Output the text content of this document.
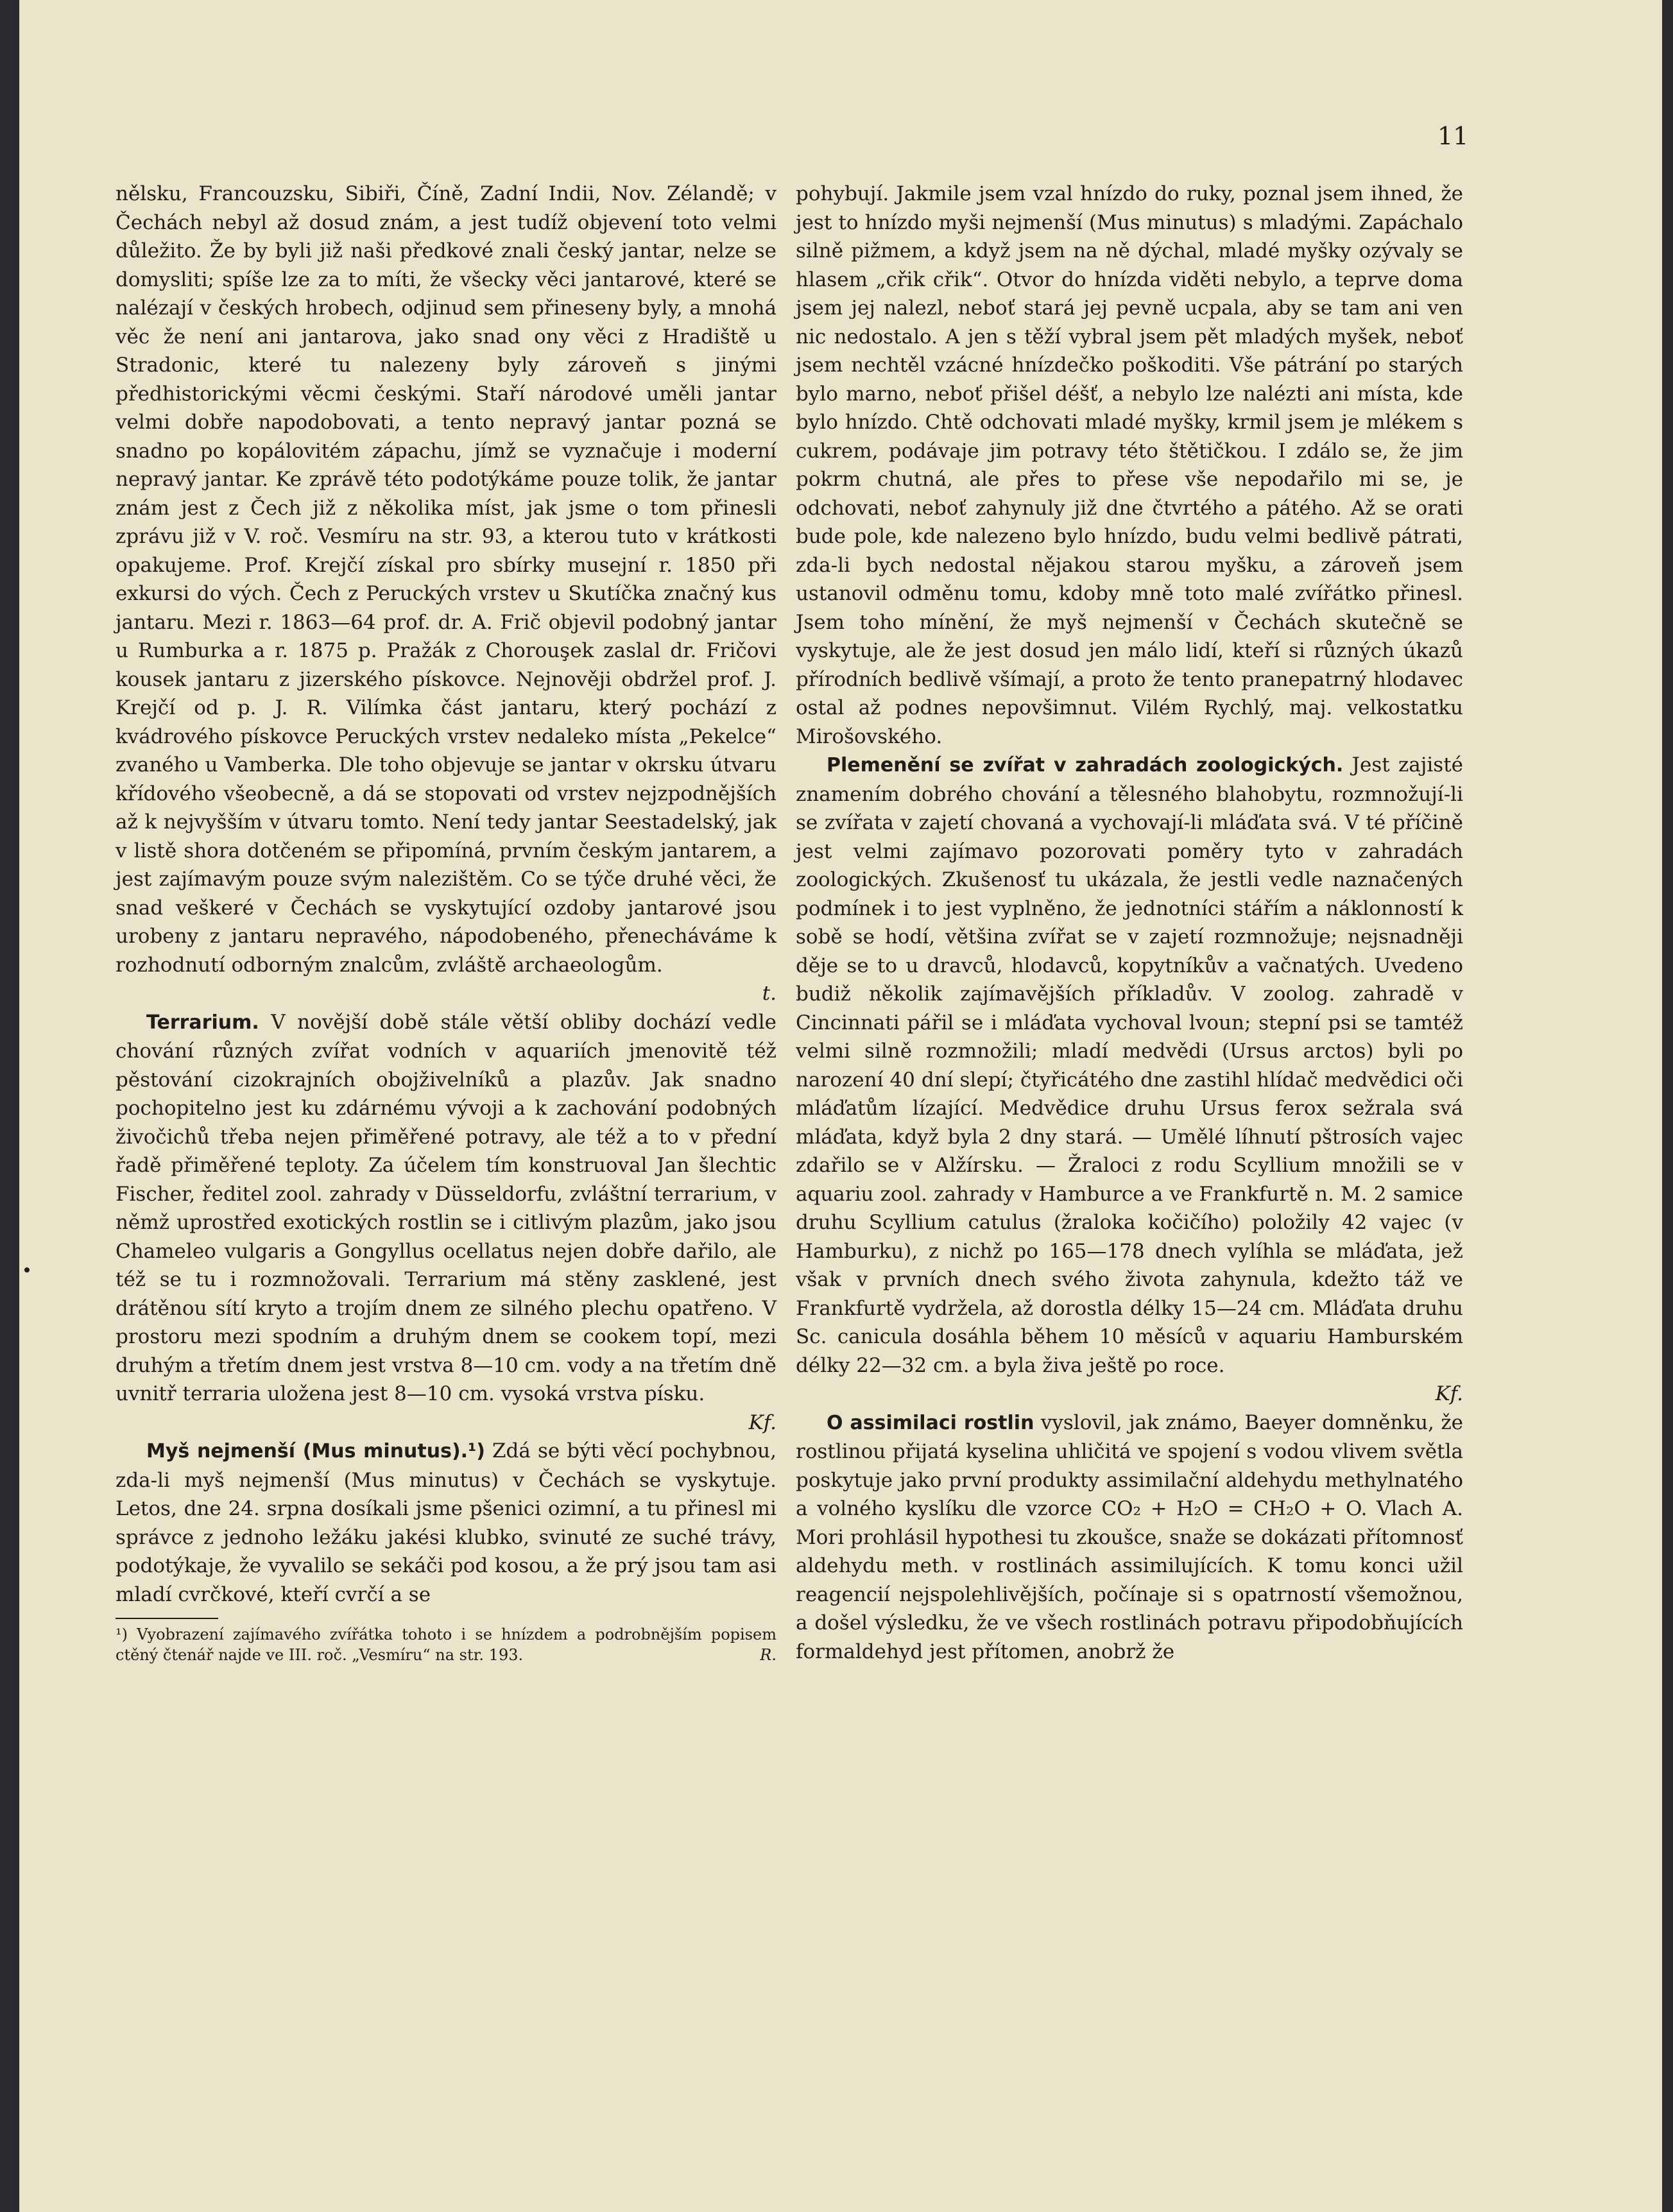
11

nělsku, Francouzsku, Sibiři, Číně, Zadní Indii, Nov. Zélandě; v Čechách nebyl až dosud znám, a jest tudíž objevení toto velmi důležito. Že by byli již naši předkové znali český jantar, nelze se domysliti; spíše lze za to míti, že všecky věci jantarové, které se nalézají v českých hrobech, odjinud sem přineseny byly, a mnohá věc že není ani jantarova, jako snad ony věci z Hradiště u Stradonic, které tu nalezeny byly zároveň s jinými předhistorickými věcmi českými. Staří národové uměli jantar velmi dobře napodobovati, a tento nepravý jantar pozná se snadno po kopálovitém zápachu, jímž se vyznačuje i moderní nepravý jantar. Ke zprávě této podotýkáme pouze tolik, že jantar znám jest z Čech již z několika míst, jak jsme o tom přinesli zprávu již v V. roč. Vesmíru na str. 93, a kterou tuto v krátkosti opakujeme. Prof. Krejčí získal pro sbírky musejní r. 1850 při exkursi do vých. Čech z Peruckých vrstev u Skutíčka značný kus jantaru. Mezi r. 1863—64 prof. dr. A. Frič objevil podobný jantar u Rumburka a r. 1875 p. Pražák z Chorouşek zaslal dr. Fričovi kousek jantaru z jizerského pískovce. Nejnověji obdržel prof. J. Krejčí od p. J. R. Vilímka část jantaru, který pochází z kvádrového pískovce Peruckých vrstev nedaleko místa „Pekelce“ zvaného u Vamberka. Dle toho objevuje se jantar v okrsku útvaru křídového všeobecně, a dá se stopovati od vrstev nejzpodnějších až k nejvyšším v útvaru tomto. Není tedy jantar Seestadelský, jak v listě shora dotčeném se připomíná, prvním českým jantarem, a jest zajímavým pouze svým nalezištěm. Co se týče druhé věci, že snad veškeré v Čechách se vyskytující ozdoby jantarové jsou urobeny z jantaru nepravého, nápodobeného, přenecháváme k rozhodnutí odborným znalcům, zvláště archaeologům.

t.

Terrarium. V novější době stále větší obliby dochází vedle chování různých zvířat vodních v aquariích jmenovitě též pěstování cizokrajních obojživelníků a plazův. Jak snadno pochopitelno jest ku zdárnému vývoji a k zachování podobných živočichů třeba nejen přiměřené potravy, ale též a to v přední řadě přiměřené teploty. Za účelem tím konstruoval Jan šlechtic Fischer, ředitel zool. zahrady v Düsseldorfu, zvláštní terrarium, v němž uprostřed exotických rostlin se i citlivým plazům, jako jsou Chameleo vulgaris a Gongyllus ocellatus nejen dobře dařilo, ale též se tu i rozmnožovali. Terrarium má stěny zasklené, jest drátěnou sítí kryto a trojím dnem ze silného plechu opatřeno. V prostoru mezi spodním a druhým dnem se cookem topí, mezi druhým a třetím dnem jest vrstva 8—10 cm. vody a na třetím dně uvnitř terraria uložena jest 8—10 cm. vysoká vrstva písku.

Kf.

Myš nejmenší (Mus minutus).¹) Zdá se býti věcí pochybnou, zda-li myš nejmenší (Mus minutus) v Čechách se vyskytuje. Letos, dne 24. srpna dosíkali jsme pšenici ozimní, a tu přinesl mi správce z jednoho ležáku jakési klubko, svinuté ze suché trávy, podotýkaje, že vyvalilo se sekáči pod kosou, a že prý jsou tam asi mladí cvrčkové, kteří cvrčí a se

¹) Vyobrazení zajímavého zvířátka tohoto i se hnízdem a podrobnějším popisem ctěný čtenář najde ve III. roč. „Vesmíru“ na str. 193.	R.

pohybují. Jakmile jsem vzal hnízdo do ruky, poznal jsem ihned, že jest to hnízdo myši nejmenší (Mus minutus) s mladými. Zapáchalo silně pižmem, a když jsem na ně dýchal, mladé myšky ozývaly se hlasem „cřik cřik“. Otvor do hnízda viděti nebylo, a teprve doma jsem jej nalezl, neboť stará jej pevně ucpala, aby se tam ani ven nic nedostalo. A jen s těží vybral jsem pět mladých myšek, neboť jsem nechtěl vzácné hnízdečko poškoditi. Vše pátrání po starých bylo marno, neboť přišel déšť, a nebylo lze nalézti ani místa, kde bylo hnízdo. Chtě odchovati mladé myšky, krmil jsem je mlékem s cukrem, podávaje jim potravy této štětičkou. I zdálo se, že jim pokrm chutná, ale přes to přese vše nepodařilo mi se, je odchovati, neboť zahynuly již dne čtvrtého a pátého. Až se orati bude pole, kde nalezeno bylo hnízdo, budu velmi bedlivě pátrati, zda-li bych nedostal nějakou starou myšku, a zároveň jsem ustanovil odměnu tomu, kdoby mně toto malé zvířátko přinesl. Jsem toho mínění, že myš nejmenší v Čechách skutečně se vyskytuje, ale že jest dosud jen málo lidí, kteří si různých úkazů přírodních bedlivě všímají, a proto že tento pranepatrný hlodavec ostal až podnes nepovšimnut. Vilém Rychlý, maj. velkostatku Mirošovského.

Plemenění se zvířat v zahradách zoologických. Jest zajisté znamením dobrého chování a tělesného blahobytu, rozmnožují-li se zvířata v zajetí chovaná a vychovají-li mláďata svá. V té příčině jest velmi zajímavo pozorovati poměry tyto v zahradách zoologických. Zkušenosť tu ukázala, že jestli vedle naznačených podmínek i to jest vyplněno, že jednotníci stářím a náklonností k sobě se hodí, většina zvířat se v zajetí rozmnožuje; nejsnadněji děje se to u dravců, hlodavců, kopytníkův a vačnatých. Uvedeno budiž několik zajímavějších příkladův. V zoolog. zahradě v Cincinnati pářil se i mláďata vychoval lvoun; stepní psi se tamtéž velmi silně rozmnožili; mladí medvědi (Ursus arctos) byli po narození 40 dní slepí; čtyřicátého dne zastihl hlídač medvědici oči mláďatům lízající. Medvědice druhu Ursus ferox sežrala svá mláďata, když byla 2 dny stará. — Umělé líhnutí pštrosích vajec zdařilo se v Alžírsku. — Žraloci z rodu Scyllium množili se v aquariu zool. zahrady v Hamburce a ve Frankfurtě n. M. 2 samice druhu Scyllium catulus (žraloka kočičího) položily 42 vajec (v Hamburku), z nichž po 165—178 dnech vylíhla se mláďata, jež však v prvních dnech svého života zahynula, kdežto táž ve Frankfurtě vydržela, až dorostla délky 15—24 cm. Mláďata druhu Sc. canicula dosáhla během 10 měsíců v aquariu Hamburském délky 22—32 cm. a byla živa ještě po roce.

Kf.

O assimilaci rostlin vyslovil, jak známo, Baeyer domněnku, že rostlinou přijatá kyselina uhličitá ve spojení s vodou vlivem světla poskytuje jako první produkty assimilační aldehydu methylnatého a volného kyslíku dle vzorce CO₂ + H₂O = CH₂O + O. Vlach A. Mori prohlásil hypothesi tu zkoušce, snaže se dokázati přítomnosť aldehydu meth. v rostlinách assimilujících. K tomu konci užil reagencií nejspolehlivějších, počínaje si s opatrností všemožnou, a došel výsledku, že ve všech rostlinách potravu připodobňujících formaldehyd jest přítomen, anobrž že
